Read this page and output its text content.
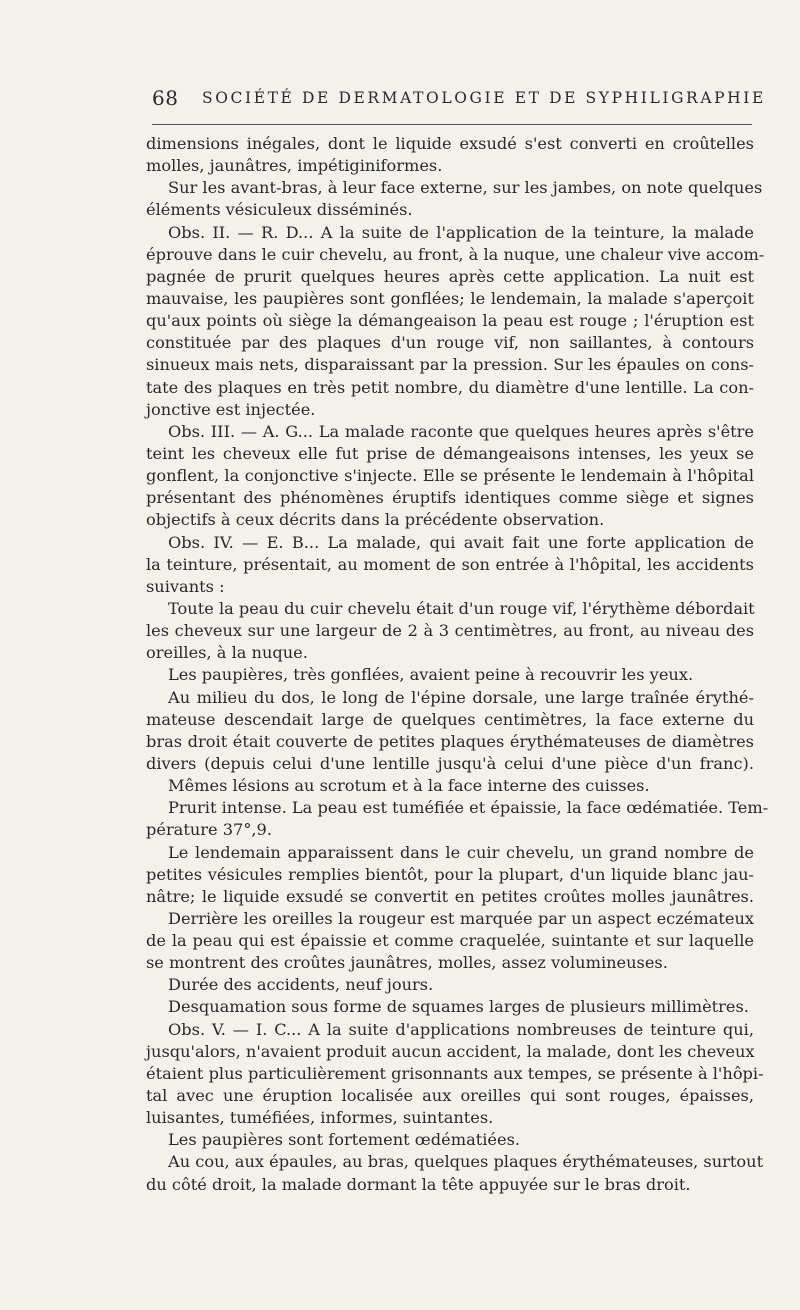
68 SOCIÉTÉ DE DERMATOLOGIE ET DE SYPHILIGRAPHIE
dimensions inégales, dont le liquide exsudé s'est converti en croûtelles
molles, jaunâtres, impétiginiformes.
Sur les avant-bras, à leur face externe, sur les jambes, on note quelques
éléments vésiculeux disséminés.
Obs. II. — R. D... A la suite de l'application de la teinture, la malade
éprouve dans le cuir chevelu, au front, à la nuque, une chaleur vive accom-
pagnée de prurit quelques heures après cette application. La nuit est
mauvaise, les paupières sont gonflées; le lendemain, la malade s'aperçoit
qu'aux points où siège la démangeaison la peau est rouge ; l'éruption est
constituée par des plaques d'un rouge vif, non saillantes, à contours
sinueux mais nets, disparaissant par la pression. Sur les épaules on cons-
tate des plaques en très petit nombre, du diamètre d'une lentille. La con-
jonctive est injectée.
Obs. III. — A. G... La malade raconte que quelques heures après s'être
teint les cheveux elle fut prise de démangeaisons intenses, les yeux se
gonflent, la conjonctive s'injecte. Elle se présente le lendemain à l'hôpital
présentant des phénomènes éruptifs identiques comme siège et signes
objectifs à ceux décrits dans la précédente observation.
Obs. IV. — E. B... La malade, qui avait fait une forte application de
la teinture, présentait, au moment de son entrée à l'hôpital, les accidents
suivants :
Toute la peau du cuir chevelu était d'un rouge vif, l'érythème débordait
les cheveux sur une largeur de 2 à 3 centimètres, au front, au niveau des
oreilles, à la nuque.
Les paupières, très gonflées, avaient peine à recouvrir les yeux.
Au milieu du dos, le long de l'épine dorsale, une large traînée érythé-
mateuse descendait large de quelques centimètres, la face externe du
bras droit était couverte de petites plaques érythémateuses de diamètres
divers (depuis celui d'une lentille jusqu'à celui d'une pièce d'un franc).
Mêmes lésions au scrotum et à la face interne des cuisses.
Prurit intense. La peau est tuméfiée et épaissie, la face œdématiée. Tem-
pérature 37°,9.
Le lendemain apparaissent dans le cuir chevelu, un grand nombre de
petites vésicules remplies bientôt, pour la plupart, d'un liquide blanc jau-
nâtre; le liquide exsudé se convertit en petites croûtes molles jaunâtres.
Derrière les oreilles la rougeur est marquée par un aspect eczémateux
de la peau qui est épaissie et comme craquelée, suintante et sur laquelle
se montrent des croûtes jaunâtres, molles, assez volumineuses.
Durée des accidents, neuf jours.
Desquamation sous forme de squames larges de plusieurs millimètres.
Obs. V. — I. C... A la suite d'applications nombreuses de teinture qui,
jusqu'alors, n'avaient produit aucun accident, la malade, dont les cheveux
étaient plus particulièrement grisonnants aux tempes, se présente à l'hôpi-
tal avec une éruption localisée aux oreilles qui sont rouges, épaisses,
luisantes, tuméfiées, informes, suintantes.
Les paupières sont fortement œdématiées.
Au cou, aux épaules, au bras, quelques plaques érythémateuses, surtout
du côté droit, la malade dormant la tête appuyée sur le bras droit.
